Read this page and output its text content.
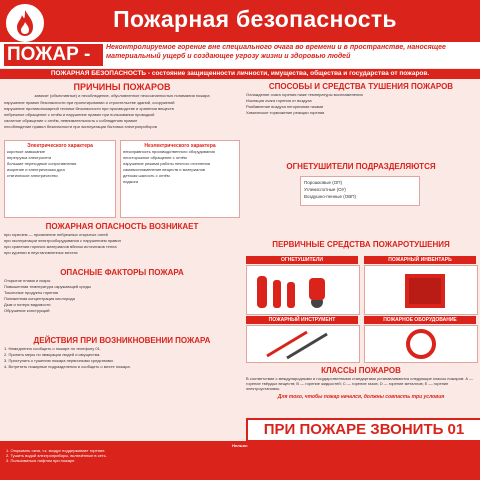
Пожарная безопасность
ПОЖАР -	Неконтролируемое горение вне специального очага во времени и в пространстве, наносящее материальный ущерб и создающее угрозу жизни и здоровью людей
ПОЖАРНАЯ БЕЗОПАСНОСТЬ - состояние защищенности личности, имущества, общества и государства от пожаров.
ПРИЧИНЫ ПОЖАРОВ
зависят (объективные) и несоблюдение, обусловленное неосознанностью понимания пожара

нарушение правил безопасности при проектировании и строительстве зданий, сооружений

нарушение противопожарной техники безопасности при производстве и хранении веществ

небрежное обращение с огнём и нарушение правил при пользовании проводкой

халатное обращение с огнём, невнимательность к соблюдению правил

несоблюдение правил безопасности при эксплуатации бытовых электроприборов

Электрического характера

короткое замыкание

перегрузка электросети

большие переходные сопротивления

искрение и электрическая дуга

статическое электричество

Неэлектрического характера

неисправность производственного оборудования

неосторожное обращение с огнём

нарушение режима работы печного отопления

самовоспламенение веществ и материалов

детская шалость с огнём

поджоги

ПОЖАРНАЯ ОПАСНОСТЬ ВОЗНИКАЕТ

при горючем — проявление небрежных открытых огней

при эксплуатации электрооборудования с нарушением правил

при хранении горючих материалов вблизи источников тепла

при курении в неустановленных местах

ОПАСНЫЕ ФАКТОРЫ ПОЖАРА

Открытое пламя и искры

Повышенная температура окружающей среды

Токсичные продукты горения

Пониженная концентрация кислорода

Дым и потеря видимости

Обрушение конструкций

ДЕЙСТВИЯ ПРИ ВОЗНИКНОВЕНИИ ПОЖАРА

1. Немедленно сообщить о пожаре по телефону 01.

2. Принять меры по эвакуации людей и имущества.

3. Приступить к тушению пожара первичными средствами.

4. Встретить пожарные подразделения и сообщить о месте пожара.

СПОСОБЫ И СРЕДСТВА ТУШЕНИЯ ПОЖАРОВ

Охлаждение очага горения ниже температуры воспламенения

Изоляция очага горения от воздуха

Разбавление воздуха негорючими газами

Химическое торможение реакции горения

ОГНЕТУШИТЕЛИ ПОДРАЗДЕЛЯЮТСЯ

Порошковые (ОП)

Углекислотные (ОУ)

Воздушно-пенные (ОВП)

ПЕРВИЧНЫЕ СРЕДСТВА ПОЖАРОТУШЕНИЯ
ОГНЕТУШИТЕЛИ	ПОЖАРНЫЙ ИНВЕНТАРЬ
ПОЖАРНЫЙ ИНСТРУМЕНТ	ПОЖАРНОЕ ОБОРУДОВАНИЕ
КЛАССЫ ПОЖАРОВ
В соответствии с международными и государственными стандартами устанавливаются следующие классы пожаров: А — горение твёрдых веществ; В — горение жидкостей; С — горение газов; D — горение металлов; E — горение электроустановок.
Для того, чтобы пожар начался, должны совпасть три условия
ПРИ ПОЖАРЕ ЗВОНИТЬ 01
Нельзя:
1. Открывать окна, т.к. воздух поддерживает горение.
2. Тушить водой электроприборы, включённые в сеть.
3. Пользоваться лифтом при пожаре.
